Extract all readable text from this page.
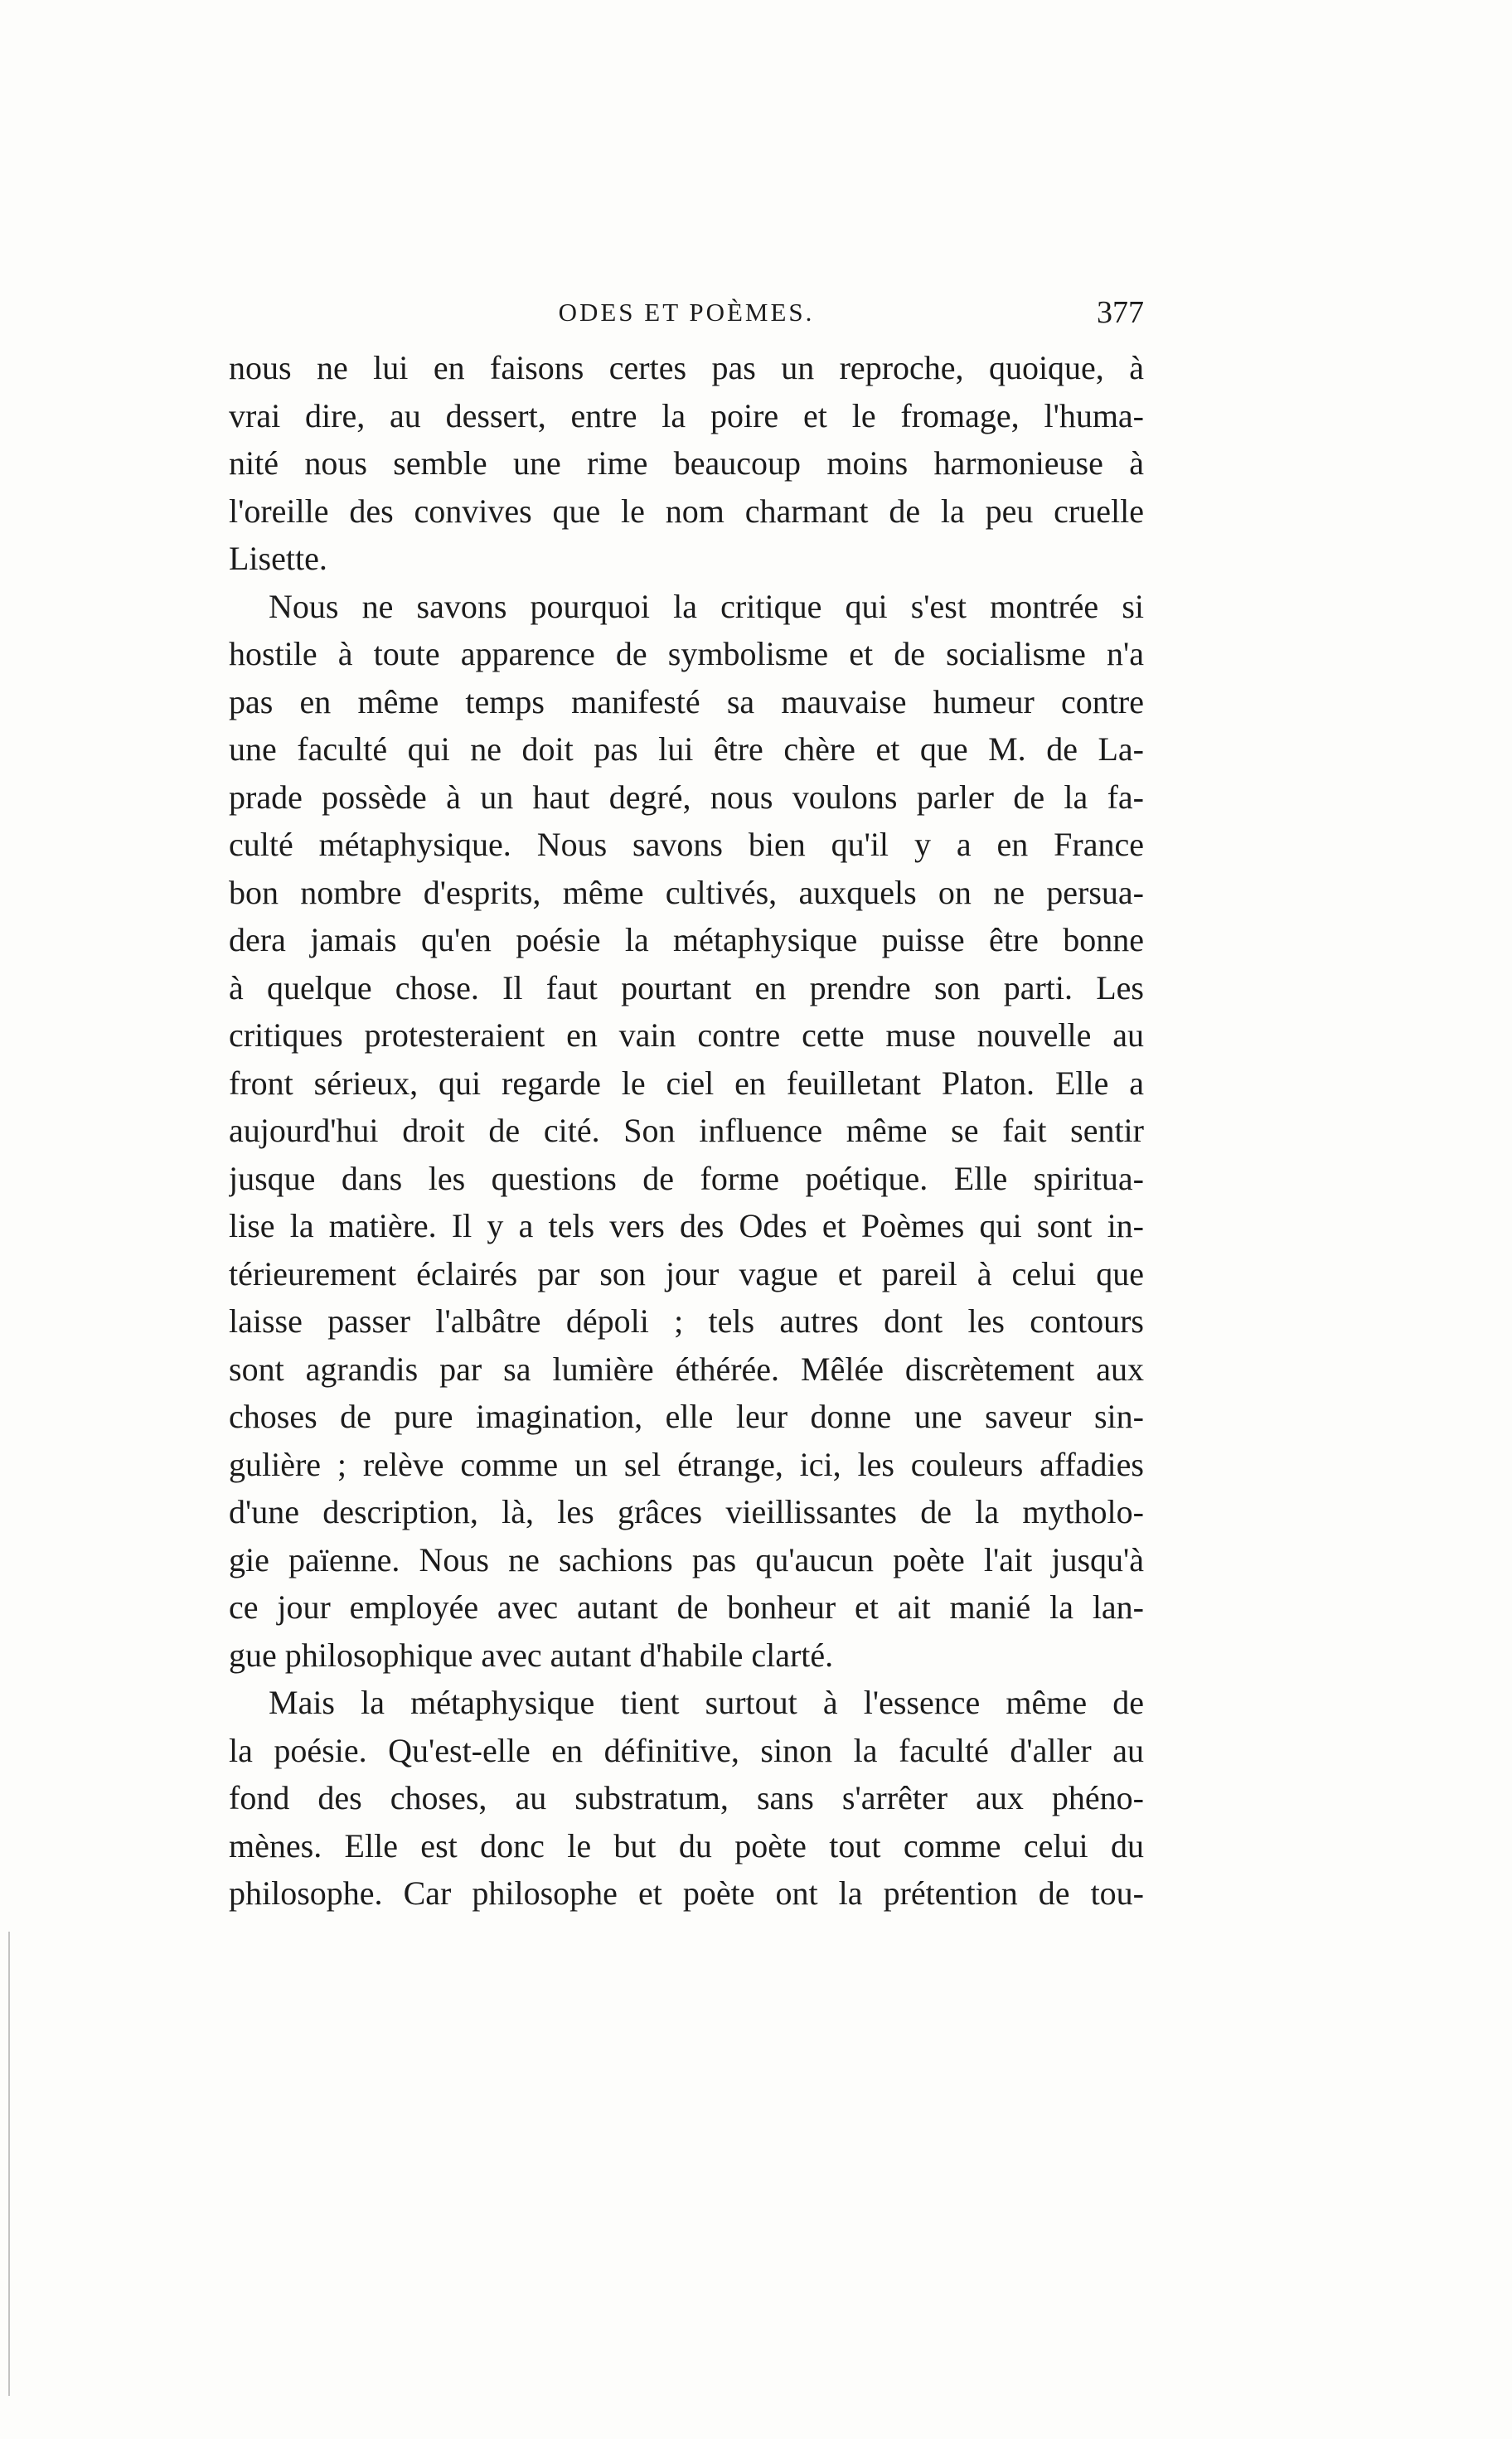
ODES ET POÈMES.	377
nous ne lui en faisons certes pas un reproche, quoique, à
vrai dire, au dessert, entre la poire et le fromage, l'huma-
nité nous semble une rime beaucoup moins harmonieuse à
l'oreille des convives que le nom charmant de la peu cruelle
Lisette.
Nous ne savons pourquoi la critique qui s'est montrée si
hostile à toute apparence de symbolisme et de socialisme n'a
pas en même temps manifesté sa mauvaise humeur contre
une faculté qui ne doit pas lui être chère et que M. de La-
prade possède à un haut degré, nous voulons parler de la fa-
culté métaphysique. Nous savons bien qu'il y a en France
bon nombre d'esprits, même cultivés, auxquels on ne persua-
dera jamais qu'en poésie la métaphysique puisse être bonne
à quelque chose. Il faut pourtant en prendre son parti. Les
critiques protesteraient en vain contre cette muse nouvelle au
front sérieux, qui regarde le ciel en feuilletant Platon. Elle a
aujourd'hui droit de cité. Son influence même se fait sentir
jusque dans les questions de forme poétique. Elle spiritua-
lise la matière. Il y a tels vers des Odes et Poèmes qui sont in-
térieurement éclairés par son jour vague et pareil à celui que
laisse passer l'albâtre dépoli ; tels autres dont les contours
sont agrandis par sa lumière éthérée. Mêlée discrètement aux
choses de pure imagination, elle leur donne une saveur sin-
gulière ; relève comme un sel étrange, ici, les couleurs affadies
d'une description, là, les grâces vieillissantes de la mytholo-
gie païenne. Nous ne sachions pas qu'aucun poète l'ait jusqu'à
ce jour employée avec autant de bonheur et ait manié la lan-
gue philosophique avec autant d'habile clarté.
Mais la métaphysique tient surtout à l'essence même de
la poésie. Qu'est-elle en définitive, sinon la faculté d'aller au
fond des choses, au substratum, sans s'arrêter aux phéno-
mènes. Elle est donc le but du poète tout comme celui du
philosophe. Car philosophe et poète ont la prétention de tou-
